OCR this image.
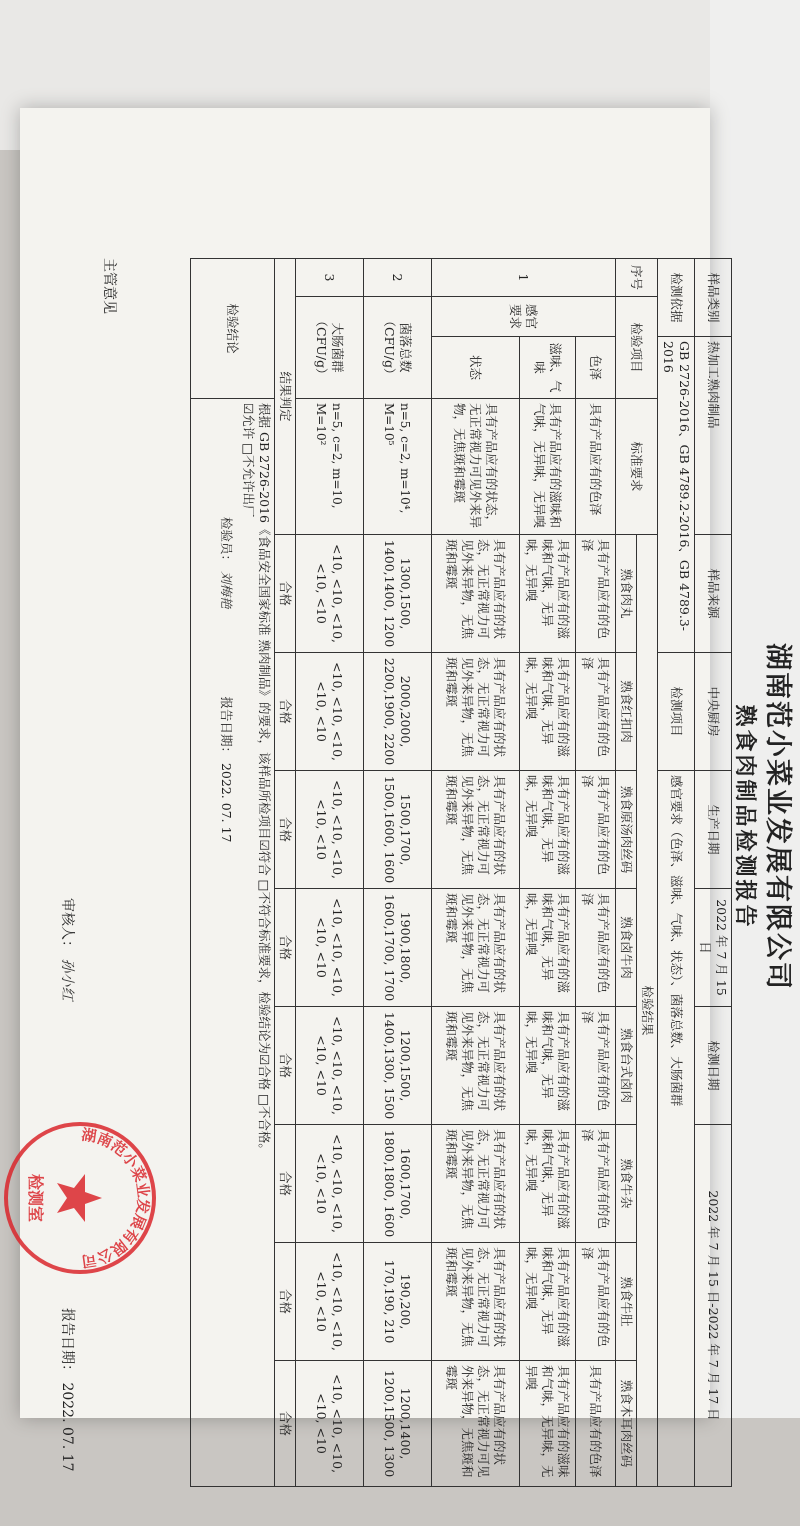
湖南范小菜业发展有限公司
熟食肉制品检测报告
样品类别		热加工熟肉制品		样品来源	中央厨房	生产日期	2022 年 7 月 15 日	检测日期	2022 年 7 月 15 日-2022 年 7 月 17 日		
检测依据		GB 2726-2016、GB 4789.2-2016、GB 4789.3-2016			检测项目	感官要求（色泽、滋味、气味、状态）、菌落总数、大肠菌群					
序号	检验项目		标准要求	检验结果							
				熟食肉丸	熟食红扣肉	熟食原汤肉丝码	熟食卤牛肉	熟食台式卤肉	熟食牛杂	熟食牛肚	熟食木耳肉丝码
1	感官要求	色泽	具有产品应有的色泽	具有产品应有的色泽	具有产品应有的色泽	具有产品应有的色泽	具有产品应有的色泽	具有产品应有的色泽	具有产品应有的色泽	具有产品应有的色泽	具有产品应有的色泽
		滋味、气味	具有产品应有的滋味和气味，无异味，无异嗅	具有产品应有的滋味和气味，无异味，无异嗅	具有产品应有的滋味和气味，无异味，无异嗅	具有产品应有的滋味和气味，无异味，无异嗅	具有产品应有的滋味和气味，无异味，无异嗅	具有产品应有的滋味和气味，无异味，无异嗅	具有产品应有的滋味和气味，无异味，无异嗅	具有产品应有的滋味和气味，无异味，无异嗅	具有产品应有的滋味和气味，无异味，无异嗅
		状态	具有产品应有的状态，无正常视力可见外来异物，无焦斑和霉斑	具有产品应有的状态，无正常视力可见外来异物，无焦斑和霉斑	具有产品应有的状态，无正常视力可见外来异物，无焦斑和霉斑	具有产品应有的状态，无正常视力可见外来异物，无焦斑和霉斑	具有产品应有的状态，无正常视力可见外来异物，无焦斑和霉斑	具有产品应有的状态，无正常视力可见外来异物，无焦斑和霉斑	具有产品应有的状态，无正常视力可见外来异物，无焦斑和霉斑	具有产品应有的状态，无正常视力可见外来异物，无焦斑和霉斑	具有产品应有的状态，无正常视力可见外来异物，无焦斑和霉斑
2	菌落总数（CFU/g）		n=5, c=2, m=10⁴, M=10⁵	1300,1500, 1400,1400, 1200	2000,2000, 2200,1900, 2200	1500,1700, 1500,1600, 1600	1900,1800, 1600,1700, 1700	1200,1500, 1400,1300, 1500	1600,1700, 1800,1800, 1600	190,200, 170,190, 210	1200,1400, 1200,1500, 1300
3	大肠菌群（CFU/g）		n=5, c=2, m=10, M=10²	<10, <10, <10, <10, <10	<10, <10, <10, <10, <10	<10, <10, <10, <10, <10	<10, <10, <10, <10, <10	<10, <10, <10, <10, <10	<10, <10, <10, <10, <10	<10, <10, <10, <10, <10	<10, <10, <10, <10, <10
结果判定				合格	合格	合格	合格	合格	合格	合格	合格
检验结论			根据 GB 2726-2016《食品安全国家标准 熟肉制品》的要求，该样品所检项目☑符合 □不符合标准要求，检验结论为☑合格 □不合格。
☑允许 □不允许出厂
检验员： 刘梅艳  报告日期： 2022. 07. 17								
主管意见
审核人： 孙小红
报告日期： 2022. 07. 17
湖南范小菜业发展有限公司
检测室
